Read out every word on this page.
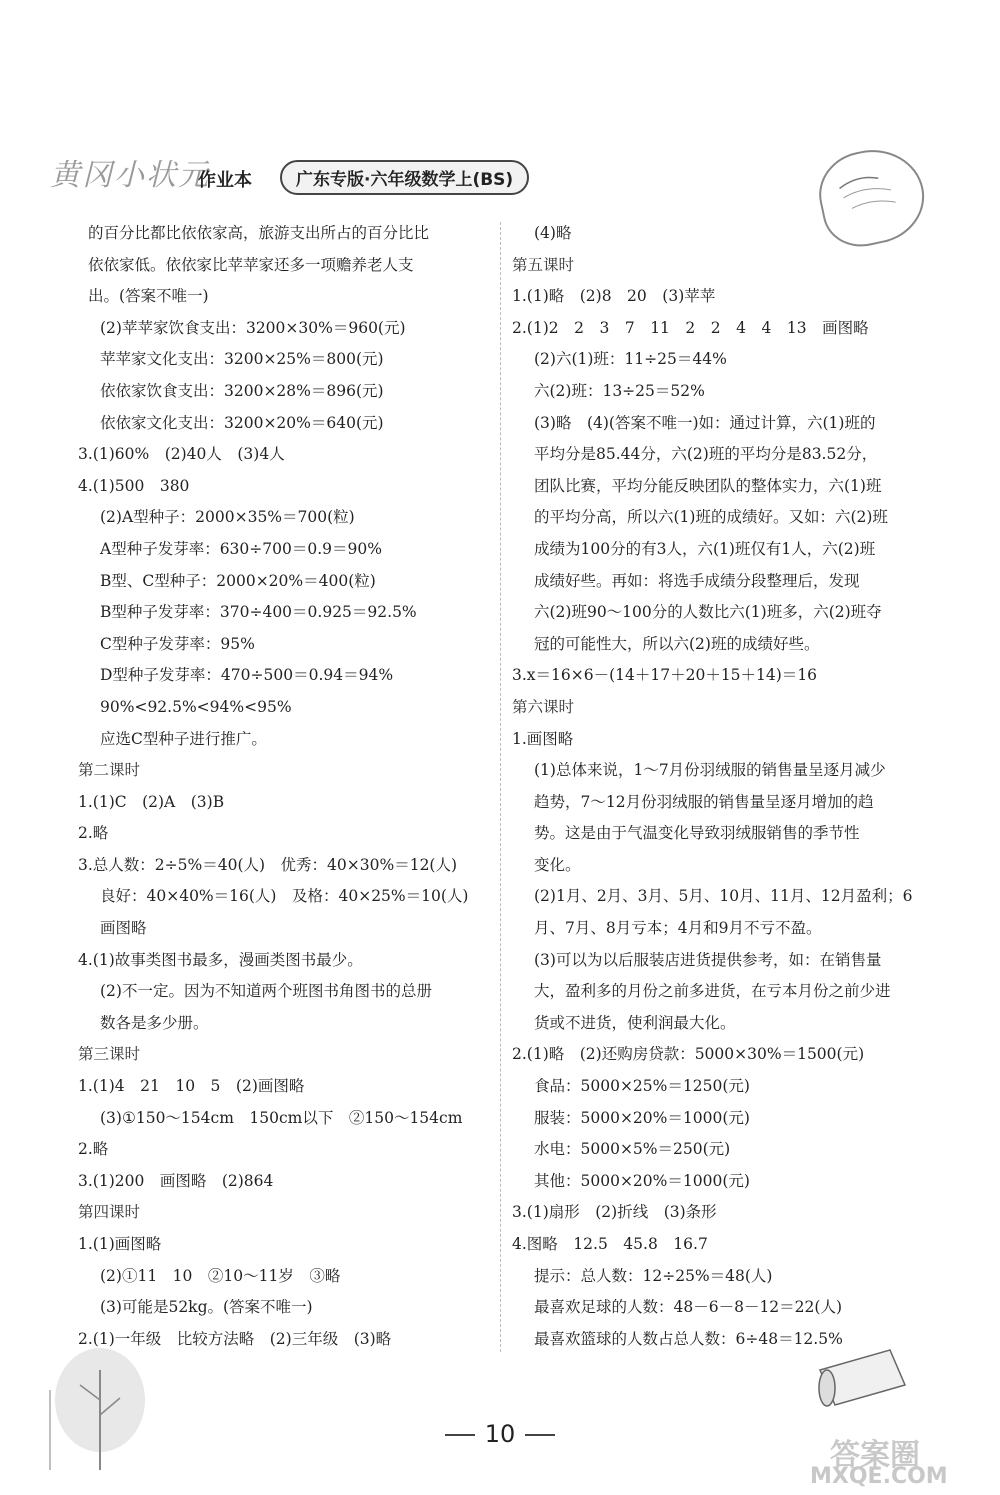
黄冈小状元
作业本	广东专版·六年级数学上(BS)
的百分比都比依依家高，旅游支出所占的百分比比
依依家低。依依家比苹苹家还多一项赡养老人支
出。(答案不唯一)
(2)苹苹家饮食支出：3200×30%＝960(元)
苹苹家文化支出：3200×25%＝800(元)
依依家饮食支出：3200×28%＝896(元)
依依家文化支出：3200×20%＝640(元)
3.(1)60%　(2)40人　(3)4人
4.(1)500　380
(2)A型种子：2000×35%＝700(粒)
A型种子发芽率：630÷700＝0.9＝90%
B型、C型种子：2000×20%＝400(粒)
B型种子发芽率：370÷400＝0.925＝92.5%
C型种子发芽率：95%
D型种子发芽率：470÷500＝0.94＝94%
90%<92.5%<94%<95%
应选C型种子进行推广。
第二课时
1.(1)C　(2)A　(3)B
2.略
3.总人数：2÷5%＝40(人)　优秀：40×30%＝12(人)
良好：40×40%＝16(人)　及格：40×25%＝10(人)
画图略
4.(1)故事类图书最多，漫画类图书最少。
(2)不一定。因为不知道两个班图书角图书的总册
数各是多少册。
第三课时
1.(1)4　21　10　5　(2)画图略
(3)①150～154cm　150cm以下　②150～154cm
2.略
3.(1)200　画图略　(2)864
第四课时
1.(1)画图略
(2)①11　10　②10～11岁　③略
(3)可能是52kg。(答案不唯一)
2.(1)一年级　比较方法略　(2)三年级　(3)略
(4)略
第五课时
1.(1)略　(2)8　20　(3)苹苹
2.(1)2　2　3　7　11　2　2　4　4　13　画图略
(2)六(1)班：11÷25＝44%
六(2)班：13÷25＝52%
(3)略　(4)(答案不唯一)如：通过计算，六(1)班的
平均分是85.44分，六(2)班的平均分是83.52分，
团队比赛，平均分能反映团队的整体实力，六(1)班
的平均分高，所以六(1)班的成绩好。又如：六(2)班
成绩为100分的有3人，六(1)班仅有1人，六(2)班
成绩好些。再如：将选手成绩分段整理后，发现
六(2)班90～100分的人数比六(1)班多，六(2)班夺
冠的可能性大，所以六(2)班的成绩好些。
3.x＝16×6－(14＋17＋20＋15＋14)＝16
第六课时
1.画图略
(1)总体来说，1～7月份羽绒服的销售量呈逐月减少
趋势，7～12月份羽绒服的销售量呈逐月增加的趋
势。这是由于气温变化导致羽绒服销售的季节性
变化。
(2)1月、2月、3月、5月、10月、11月、12月盈利；6
月、7月、8月亏本；4月和9月不亏不盈。
(3)可以为以后服装店进货提供参考，如：在销售量
大，盈利多的月份之前多进货，在亏本月份之前少进
货或不进货，使利润最大化。
2.(1)略　(2)还购房贷款：5000×30%＝1500(元)
食品：5000×25%＝1250(元)
服装：5000×20%＝1000(元)
水电：5000×5%＝250(元)
其他：5000×20%＝1000(元)
3.(1)扇形　(2)折线　(3)条形
4.图略　12.5　45.8　16.7
提示：总人数：12÷25%＝48(人)
最喜欢足球的人数：48－6－8－12＝22(人)
最喜欢篮球的人数占总人数：6÷48＝12.5%
10
答案圈
MXQE.COM
